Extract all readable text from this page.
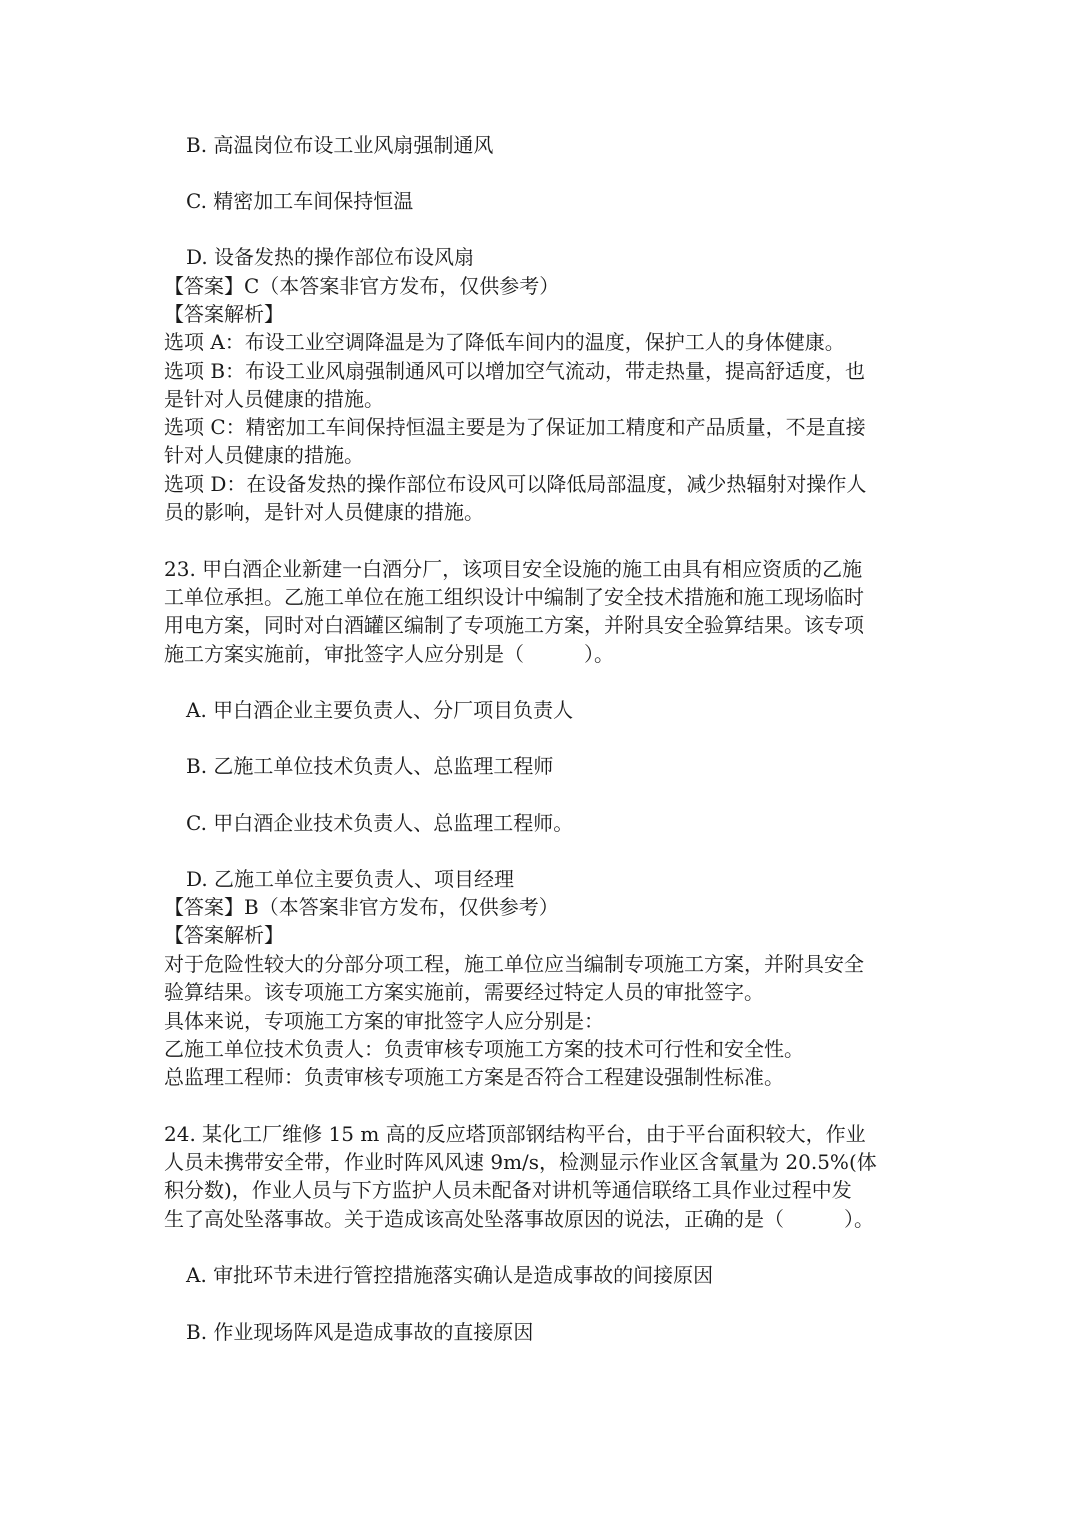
B. 高温岗位布设工业风扇强制通风
C. 精密加工车间保持恒温
D. 设备发热的操作部位布设风扇
【答案】C（本答案非官方发布，仅供参考）
【答案解析】
选项 A：布设工业空调降温是为了降低车间内的温度，保护工人的身体健康。
选项 B：布设工业风扇强制通风可以增加空气流动，带走热量，提高舒适度，也
是针对人员健康的措施。
选项 C：精密加工车间保持恒温主要是为了保证加工精度和产品质量，不是直接
针对人员健康的措施。
选项 D：在设备发热的操作部位布设风可以降低局部温度，减少热辐射对操作人
员的影响，是针对人员健康的措施。
23. 甲白酒企业新建一白酒分厂，该项目安全设施的施工由具有相应资质的乙施
工单位承担。乙施工单位在施工组织设计中编制了安全技术措施和施工现场临时
用电方案，同时对白酒罐区编制了专项施工方案，并附具安全验算结果。该专项
施工方案实施前，审批签字人应分别是（　　　）。
A. 甲白酒企业主要负责人、分厂项目负责人
B. 乙施工单位技术负责人、总监理工程师
C. 甲白酒企业技术负责人、总监理工程师。
D. 乙施工单位主要负责人、项目经理
【答案】B（本答案非官方发布，仅供参考）
【答案解析】
对于危险性较大的分部分项工程，施工单位应当编制专项施工方案，并附具安全
验算结果。该专项施工方案实施前，需要经过特定人员的审批签字。
具体来说，专项施工方案的审批签字人应分别是：
乙施工单位技术负责人：负责审核专项施工方案的技术可行性和安全性。
总监理工程师：负责审核专项施工方案是否符合工程建设强制性标准。
24. 某化工厂维修 15 m 高的反应塔顶部钢结构平台，由于平台面积较大，作业
人员未携带安全带，作业时阵风风速 9m/s，检测显示作业区含氧量为 20.5%(体
积分数)，作业人员与下方监护人员未配备对讲机等通信联络工具作业过程中发
生了高处坠落事故。关于造成该高处坠落事故原因的说法，正确的是（　　　）。
A. 审批环节未进行管控措施落实确认是造成事故的间接原因
B. 作业现场阵风是造成事故的直接原因
